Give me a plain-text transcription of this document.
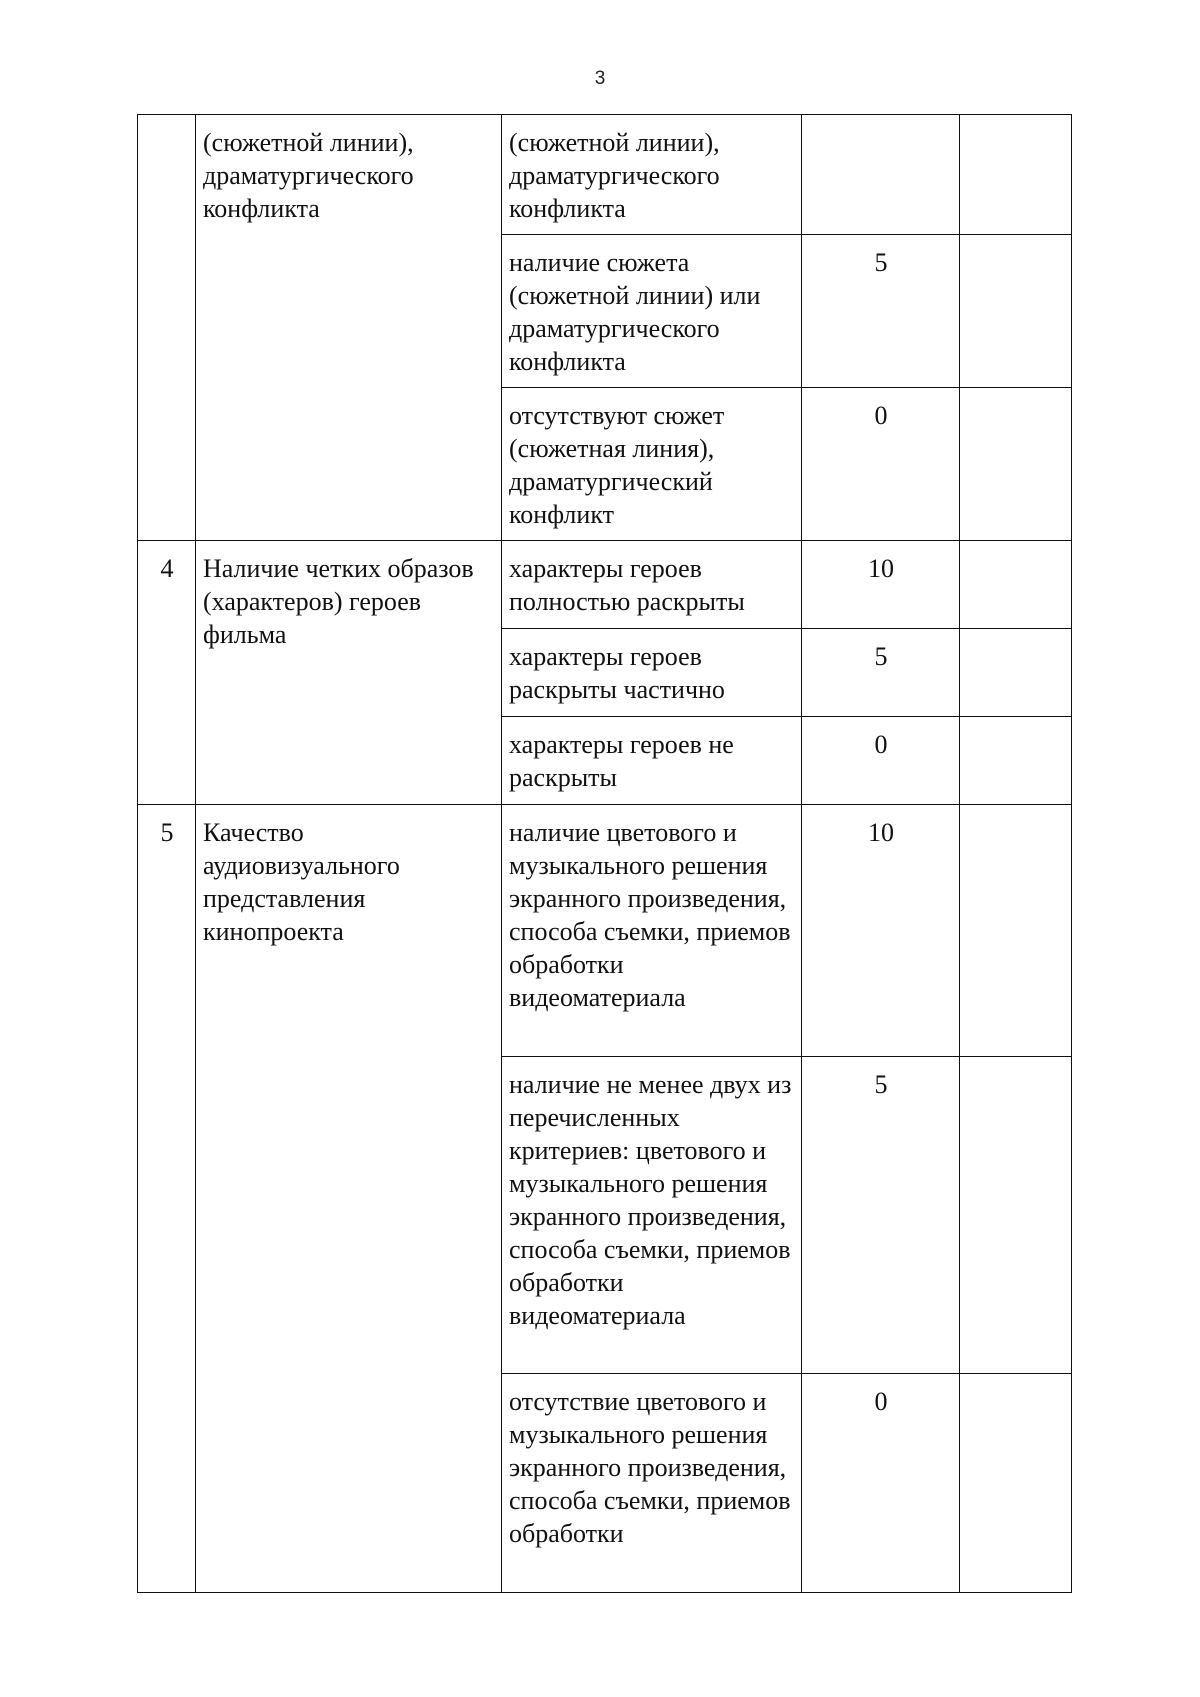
3
	(сюжетной линии), драматургического конфликта	(сюжетной линии), драматургического конфликта		
		наличие сюжета (сюжетной линии) или драматургического конфликта	5	
		отсутствуют сюжет (сюжетная линия), драматургический конфликт	0	
4	Наличие четких образов (характеров) героев фильма	характеры героев полностью раскрыты	10	
		характеры героев раскрыты частично	5	
		характеры героев не раскрыты	0	
5	Качество аудиовизуального представления кинопроекта	наличие цветового и музыкального решения экранного произведения, способа съемки, приемов обработки видеоматериала	10	
		наличие не менее двух из перечисленных критериев: цветового и музыкального решения экранного произведения, способа съемки, приемов обработки видеоматериала	5	
		отсутствие цветового и музыкального решения экранного произведения, способа съемки, приемов обработки	0	
